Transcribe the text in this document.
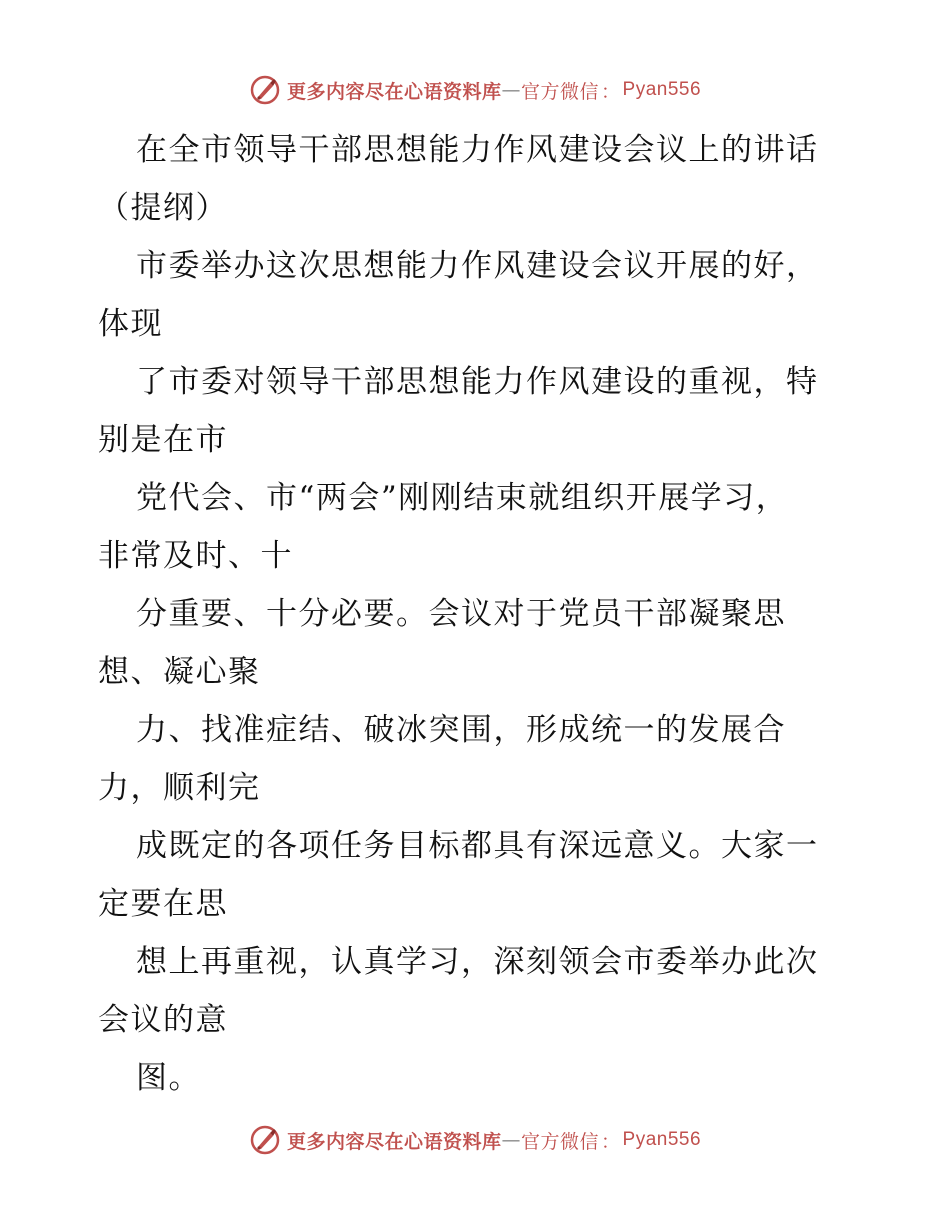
更多内容尽在心语资料库 — 官方微信 ： Pyan556
在全市领导干部思想能力作风建设会议上的讲话
（提纲）
市委举办这次思想能力作风建设会议开展的好，
体现
了市委对领导干部思想能力作风建设的重视，特
别是在市
党代会、市“两会”刚刚结束就组织开展学习，
非常及时、十
分重要、十分必要。会议对于党员干部凝聚思
想、凝心聚
力、找准症结、破冰突围，形成统一的发展合
力，顺利完
成既定的各项任务目标都具有深远意义。大家一
定要在思
想上再重视，认真学习，深刻领会市委举办此次
会议的意
图。
更多内容尽在心语资料库 — 官方微信 ： Pyan556
